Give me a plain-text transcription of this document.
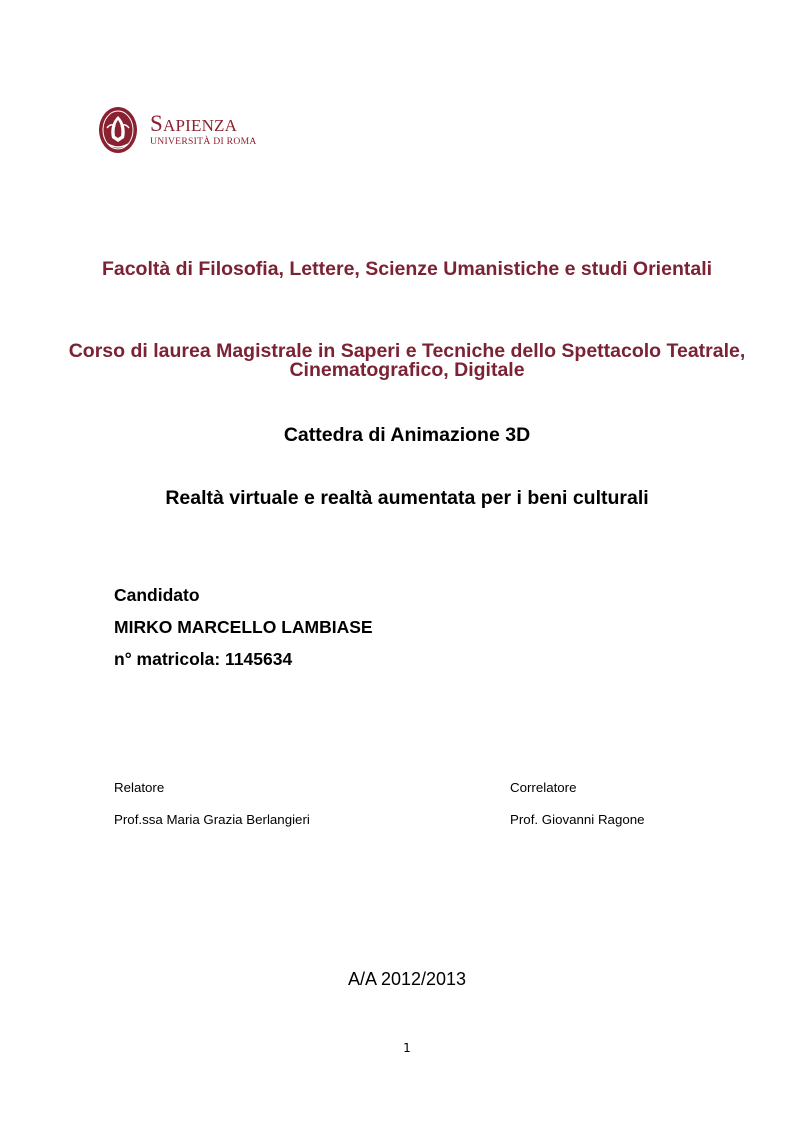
SAPIENZA
UNIVERSITÀ DI ROMA
Facoltà di Filosofia, Lettere, Scienze Umanistiche e studi Orientali
Corso di laurea Magistrale in Saperi e Tecniche dello Spettacolo Teatrale, Cinematografico, Digitale
Cattedra di Animazione 3D
Realtà virtuale e realtà aumentata per i beni culturali
Candidato
MIRKO MARCELLO LAMBIASE
n° matricola: 1145634
Relatore
Prof.ssa Maria Grazia Berlangieri
Correlatore
Prof. Giovanni Ragone
A/A 2012/2013
1
